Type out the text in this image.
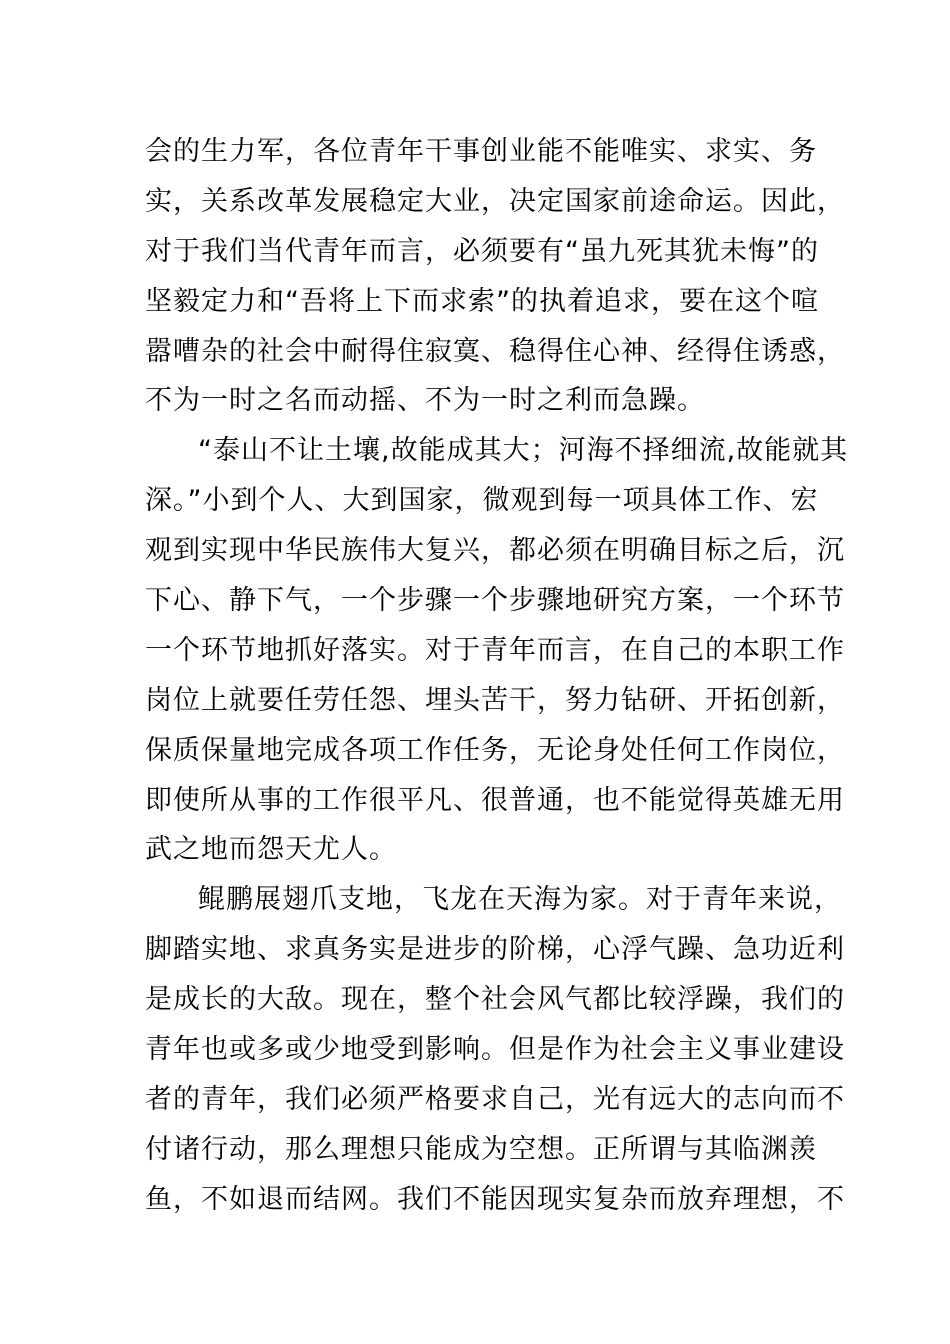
会的生力军，各位青年干事创业能不能唯实、求实、务
实，关系改革发展稳定大业，决定国家前途命运。因此，
对于我们当代青年而言，必须要有“虽九死其犹未悔”的
坚毅定力和“吾将上下而求索”的执着追求，要在这个喧
嚣嘈杂的社会中耐得住寂寞、稳得住心神、经得住诱惑，
不为一时之名而动摇、不为一时之利而急躁。
“泰山不让土壤,故能成其大；河海不择细流,故能就其
深。”小到个人、大到国家，微观到每一项具体工作、宏
观到实现中华民族伟大复兴，都必须在明确目标之后，沉
下心、静下气，一个步骤一个步骤地研究方案，一个环节
一个环节地抓好落实。对于青年而言，在自己的本职工作
岗位上就要任劳任怨、埋头苦干，努力钻研、开拓创新，
保质保量地完成各项工作任务，无论身处任何工作岗位，
即使所从事的工作很平凡、很普通，也不能觉得英雄无用
武之地而怨天尤人。
鲲鹏展翅爪支地，飞龙在天海为家。对于青年来说，
脚踏实地、求真务实是进步的阶梯，心浮气躁、急功近利
是成长的大敌。现在，整个社会风气都比较浮躁，我们的
青年也或多或少地受到影响。但是作为社会主义事业建设
者的青年，我们必须严格要求自己，光有远大的志向而不
付诸行动，那么理想只能成为空想。正所谓与其临渊羡
鱼，不如退而结网。我们不能因现实复杂而放弃理想，不
